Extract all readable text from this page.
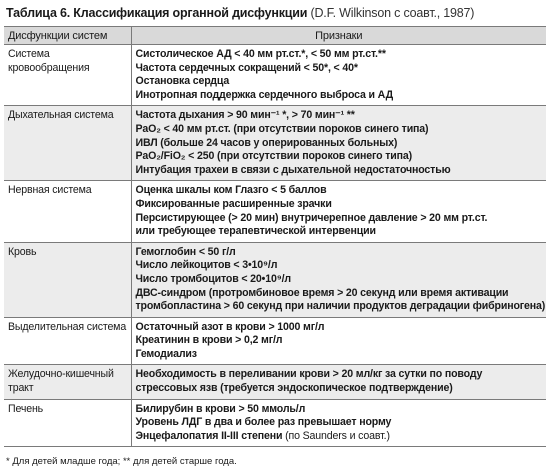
Таблица 6. Классификация органной дисфункции (D.F. Wilkinson с соавт., 1987)
Дисфункции систем	Признаки
Система кровообращения	Систолическое АД < 40 мм рт.ст.*, < 50 мм рт.ст.**
Частота сердечных сокращений < 50*, < 40*
Остановка сердца
Инотропная поддержка сердечного выброса и АД

Дыхательная система	Частота дыхания > 90 мин⁻¹ *, > 70 мин⁻¹ **
PaO₂ < 40 мм рт.ст. (при отсутствии пороков синего типа)
ИВЛ (больше 24 часов у оперированных больных)
PaO₂/FiO₂ < 250 (при отсутствии пороков синего типа)
Интубация трахеи в связи с дыхательной недостаточностью

Нервная система	Оценка шкалы ком Глазго < 5 баллов
Фиксированные расширенные зрачки
Персистирующее (> 20 мин) внутричерепное давление > 20 мм рт.ст.
или требующее терапевтической интервенции

Кровь	Гемоглобин < 50 г/л
Число лейкоцитов < 3•10⁹/л
Число тромбоцитов < 20•10⁹/л
ДВС-синдром (протромбиновое время > 20 секунд или время активации
тромбопластина > 60 секунд при наличии продуктов деградации фибриногена)

Выделительная система	Остаточный азот в крови > 1000 мг/л
Креатинин в крови > 0,2 мг/л
Гемодиализ

Желудочно-кишечный тракт	Необходимость в переливании крови > 20 мл/кг за сутки по поводу
стрессовых язв (требуется эндоскопическое подтверждение)

Печень	Билирубин в крови > 50 ммоль/л
Уровень ЛДГ в два и более раз превышает норму
Энцефалопатия II-III степени (по Saunders и соавт.)
* Для детей младше года; ** для детей старше года.
